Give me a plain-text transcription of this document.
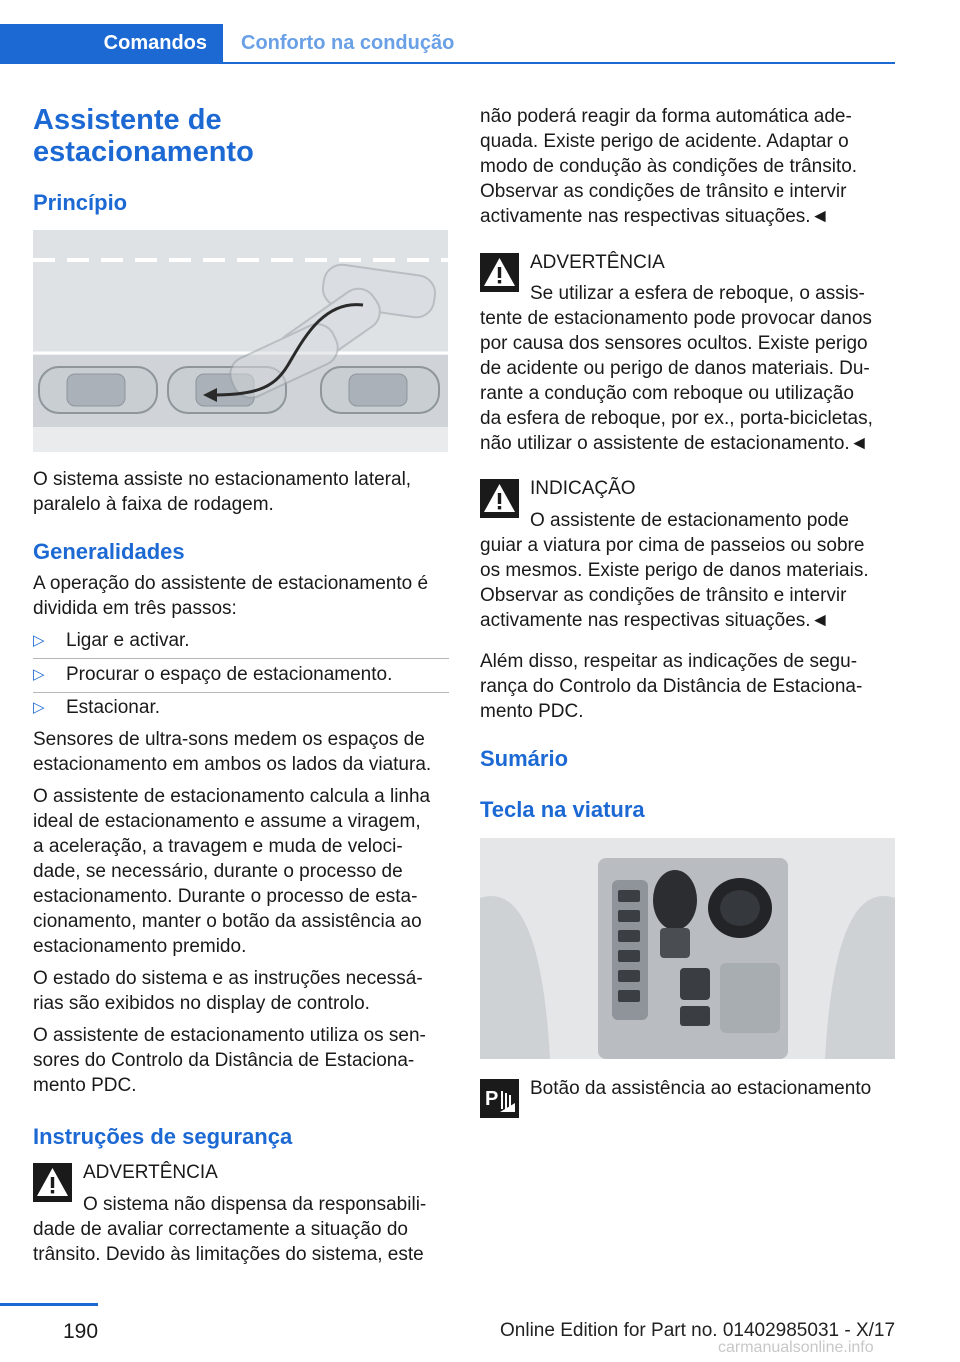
Comandos	Conforto na condução
Assistente de
estacionamento
Princípio
O sistema assiste no estacionamento lateral,
paralelo à faixa de rodagem.
Generalidades
A operação do assistente de estacionamento é
dividida em três passos:
▷ Ligar e activar.
▷ Procurar o espaço de estacionamento.
▷ Estacionar.
Sensores de ultra-sons medem os espaços de
estacionamento em ambos os lados da viatura.
O assistente de estacionamento calcula a linha
ideal de estacionamento e assume a viragem,
a aceleração, a travagem e muda de veloci-
dade, se necessário, durante o processo de
estacionamento. Durante o processo de esta-
cionamento, manter o botão da assistência ao
estacionamento premido.
O estado do sistema e as instruções necessá-
rias são exibidos no display de controlo.
O assistente de estacionamento utiliza os sen-
sores do Controlo da Distância de Estaciona-
mento PDC.
Instruções de segurança
ADVERTÊNCIA
O sistema não dispensa da responsabili-
dade de avaliar correctamente a situação do
trânsito. Devido às limitações do sistema, este
não poderá reagir da forma automática ade-
quada. Existe perigo de acidente. Adaptar o
modo de condução às condições de trânsito.
Observar as condições de trânsito e intervir
activamente nas respectivas situações.◄
ADVERTÊNCIA
Se utilizar a esfera de reboque, o assis-
tente de estacionamento pode provocar danos
por causa dos sensores ocultos. Existe perigo
de acidente ou perigo de danos materiais. Du-
rante a condução com reboque ou utilização
da esfera de reboque, por ex., porta-bicicletas,
não utilizar o assistente de estacionamento.◄
INDICAÇÃO
O assistente de estacionamento pode
guiar a viatura por cima de passeios ou sobre
os mesmos. Existe perigo de danos materiais.
Observar as condições de trânsito e intervir
activamente nas respectivas situações.◄
Além disso, respeitar as indicações de segu-
rança do Controlo da Distância de Estaciona-
mento PDC.
Sumário
Tecla na viatura
P Botão da assistência ao estacionamento
190	Online Edition for Part no. 01402985031 - X/17
carmanualsonline.info
